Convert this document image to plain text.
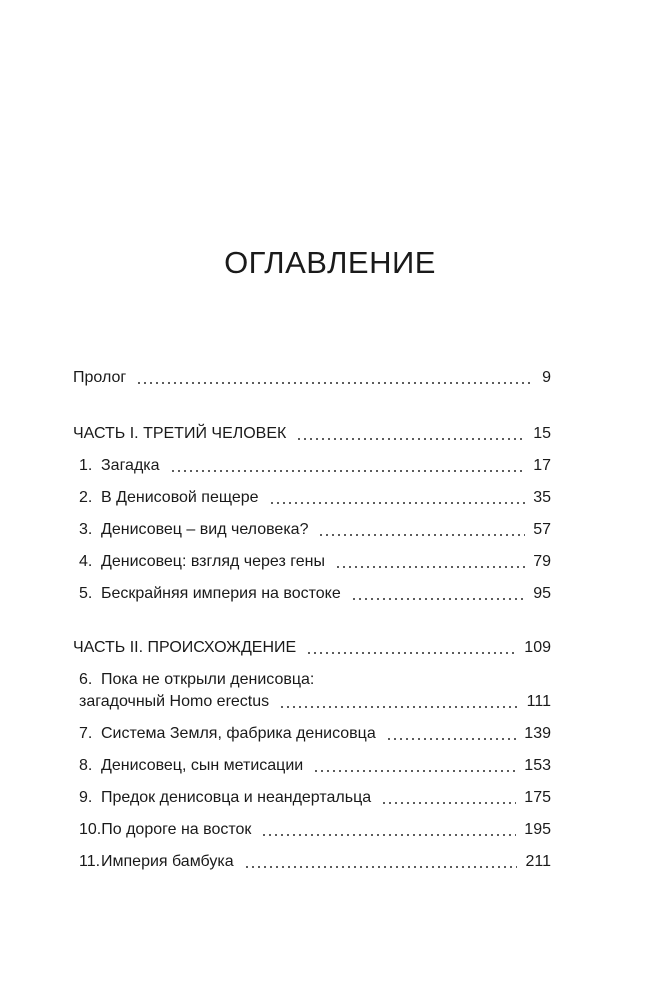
ОГЛАВЛЕНИЕ
Пролог	9
ЧАСТЬ I. ТРЕТИЙ ЧЕЛОВЕК	15
1. Загадка	17
2. В Денисовой пещере	35
3. Денисовец – вид человека?	57
4. Денисовец: взгляд через гены	79
5. Бескрайняя империя на востоке	95
ЧАСТЬ II. ПРОИСХОЖДЕНИЕ	109
6. Пока не открыли денисовца:
загадочный Homo erectus	111
7. Система Земля, фабрика денисовца	139
8. Денисовец, сын метисации	153
9. Предок денисовца и неандертальца	175
10. По дороге на восток	195
11. Империя бамбука	211
